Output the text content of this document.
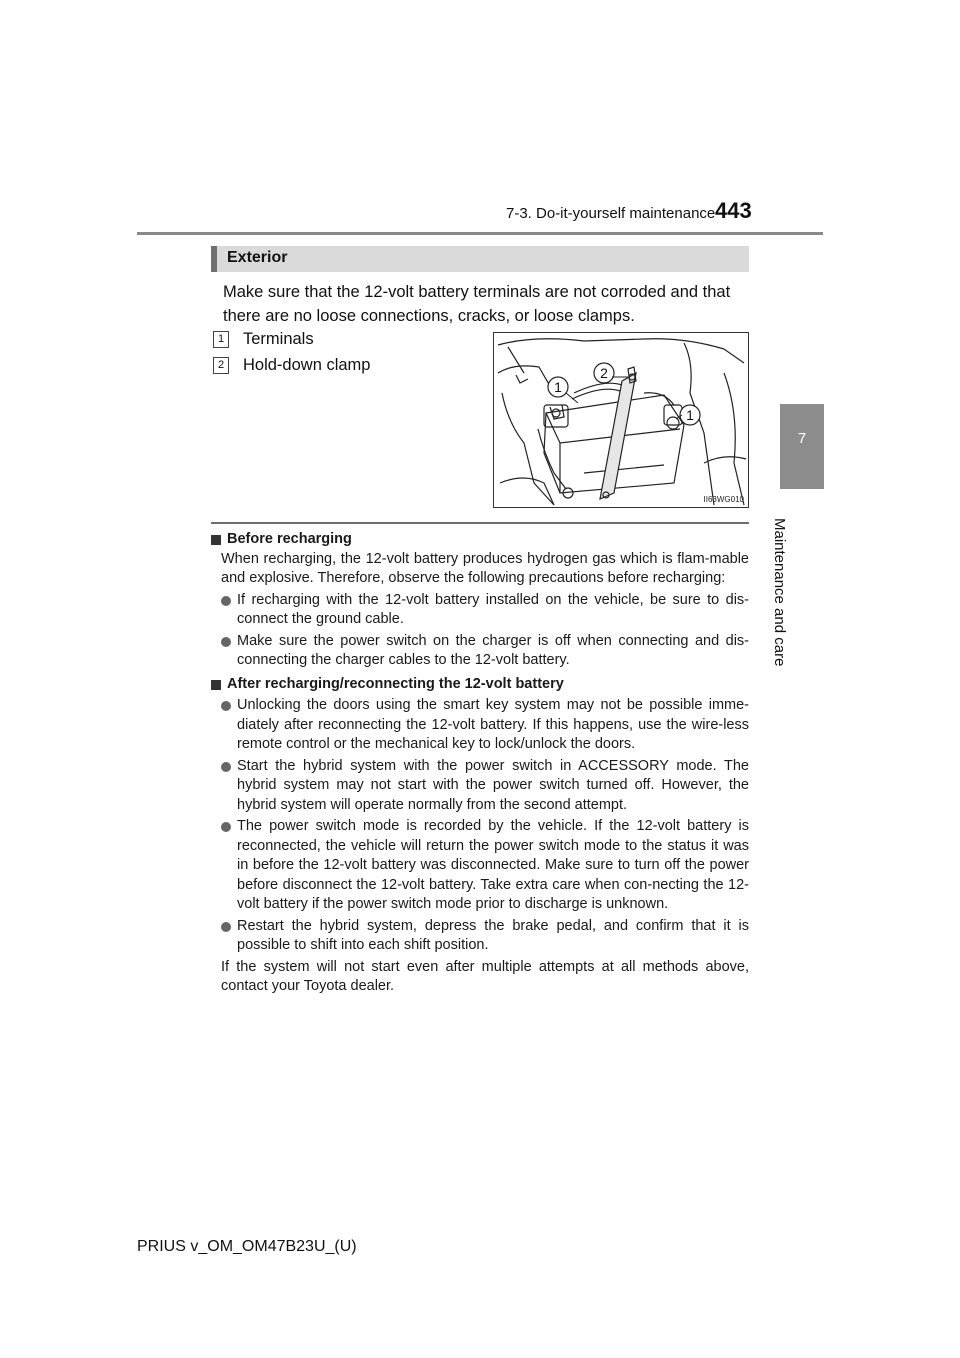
7-3. Do-it-yourself maintenance 443
7
Maintenance and care
Exterior
Make sure that the 12-volt battery terminals are not corroded and that there are no loose connections, cracks, or loose clamps.
1 Terminals
2 Hold-down clamp
1
2
1
II63WG010
Before recharging

When recharging, the 12-volt battery produces hydrogen gas which is flam-mable and explosive. Therefore, observe the following precautions before recharging:

If recharging with the 12-volt battery installed on the vehicle, be sure to dis-connect the ground cable.
Make sure the power switch on the charger is off when connecting and dis-connecting the charger cables to the 12-volt battery.
After recharging/reconnecting the 12-volt battery
Unlocking the doors using the smart key system may not be possible imme-diately after reconnecting the 12-volt battery. If this happens, use the wire-less remote control or the mechanical key to lock/unlock the doors.
Start the hybrid system with the power switch in ACCESSORY mode. The hybrid system may not start with the power switch turned off. However, the hybrid system will operate normally from the second attempt.
The power switch mode is recorded by the vehicle. If the 12-volt battery is reconnected, the vehicle will return the power switch mode to the status it was in before the 12-volt battery was disconnected. Make sure to turn off the power before disconnect the 12-volt battery. Take extra care when con-necting the 12-volt battery if the power switch mode prior to discharge is unknown.
Restart the hybrid system, depress the brake pedal, and confirm that it is possible to shift into each shift position.

If the system will not start even after multiple attempts at all methods above, contact your Toyota dealer.

PRIUS v_OM_OM47B23U_(U)
